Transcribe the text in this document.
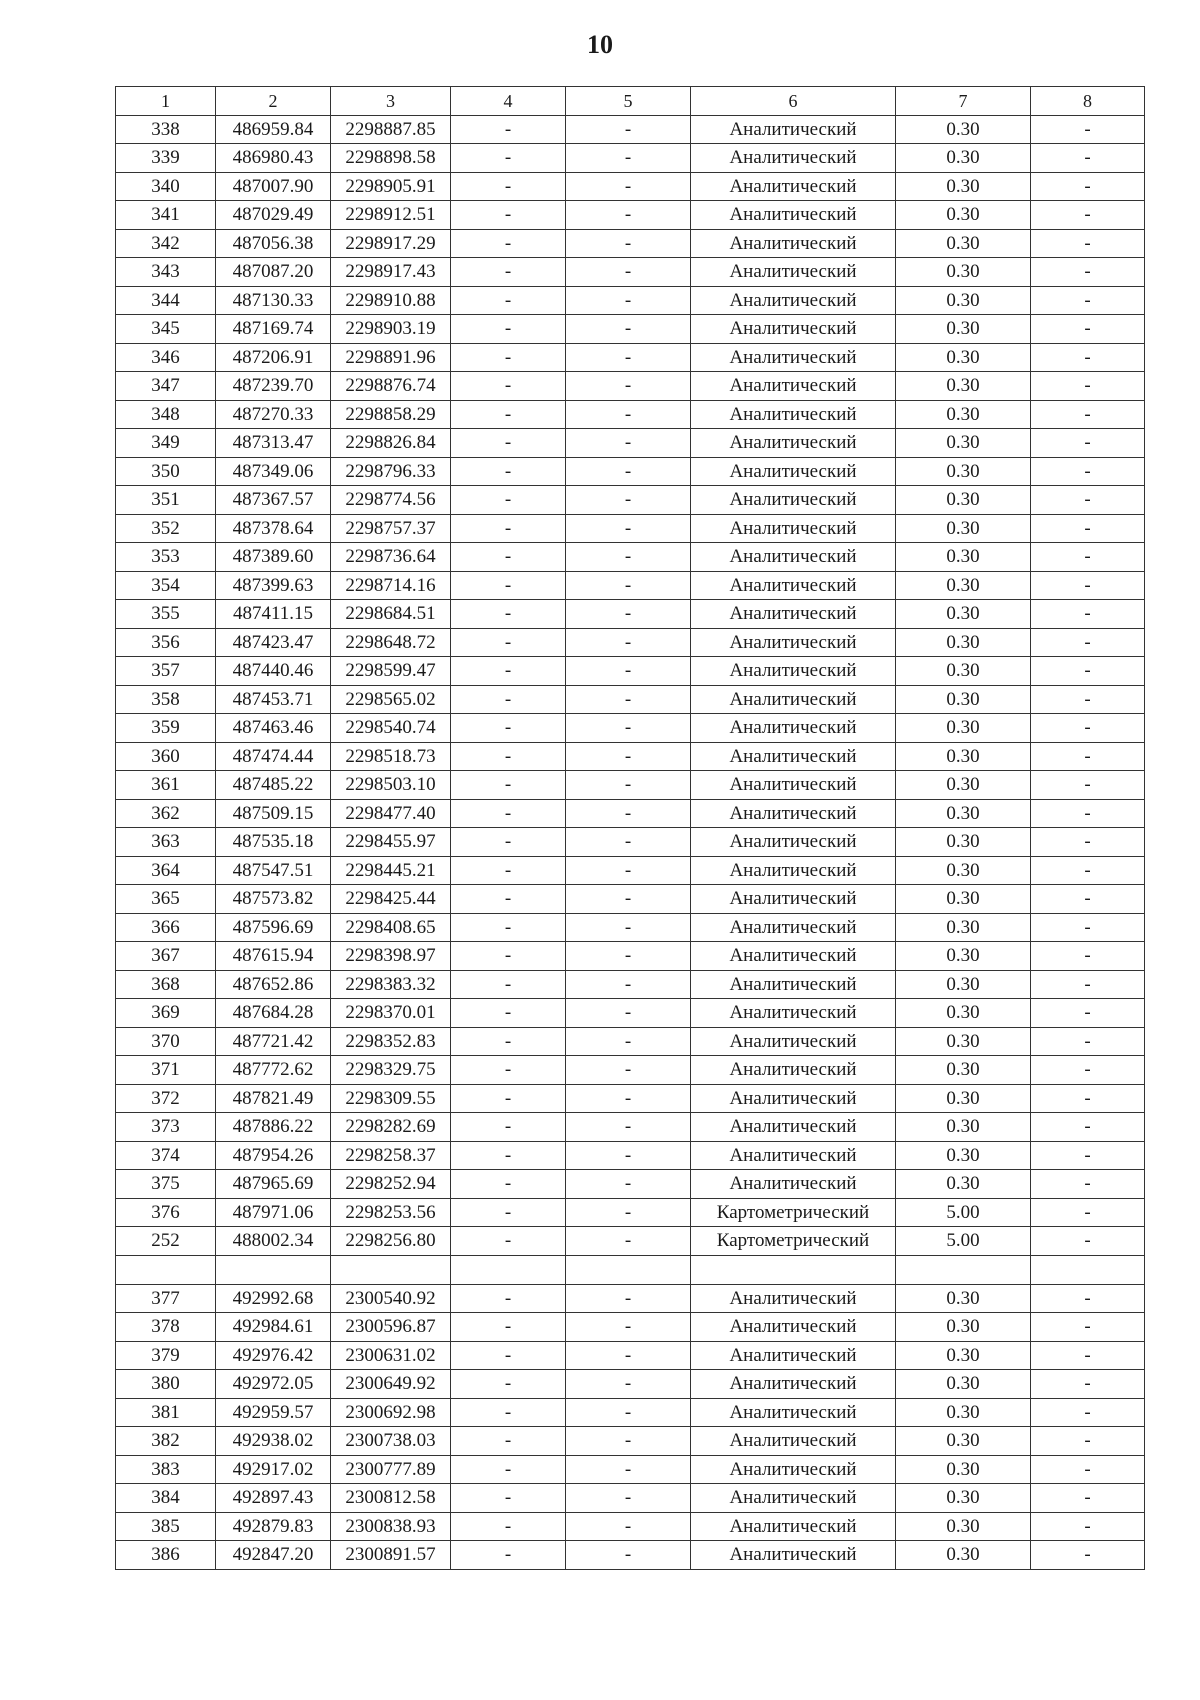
10
1	2	3	4	5	6	7	8
338	486959.84	2298887.85	-	-	Аналитический	0.30	-
339	486980.43	2298898.58	-	-	Аналитический	0.30	-
340	487007.90	2298905.91	-	-	Аналитический	0.30	-
341	487029.49	2298912.51	-	-	Аналитический	0.30	-
342	487056.38	2298917.29	-	-	Аналитический	0.30	-
343	487087.20	2298917.43	-	-	Аналитический	0.30	-
344	487130.33	2298910.88	-	-	Аналитический	0.30	-
345	487169.74	2298903.19	-	-	Аналитический	0.30	-
346	487206.91	2298891.96	-	-	Аналитический	0.30	-
347	487239.70	2298876.74	-	-	Аналитический	0.30	-
348	487270.33	2298858.29	-	-	Аналитический	0.30	-
349	487313.47	2298826.84	-	-	Аналитический	0.30	-
350	487349.06	2298796.33	-	-	Аналитический	0.30	-
351	487367.57	2298774.56	-	-	Аналитический	0.30	-
352	487378.64	2298757.37	-	-	Аналитический	0.30	-
353	487389.60	2298736.64	-	-	Аналитический	0.30	-
354	487399.63	2298714.16	-	-	Аналитический	0.30	-
355	487411.15	2298684.51	-	-	Аналитический	0.30	-
356	487423.47	2298648.72	-	-	Аналитический	0.30	-
357	487440.46	2298599.47	-	-	Аналитический	0.30	-
358	487453.71	2298565.02	-	-	Аналитический	0.30	-
359	487463.46	2298540.74	-	-	Аналитический	0.30	-
360	487474.44	2298518.73	-	-	Аналитический	0.30	-
361	487485.22	2298503.10	-	-	Аналитический	0.30	-
362	487509.15	2298477.40	-	-	Аналитический	0.30	-
363	487535.18	2298455.97	-	-	Аналитический	0.30	-
364	487547.51	2298445.21	-	-	Аналитический	0.30	-
365	487573.82	2298425.44	-	-	Аналитический	0.30	-
366	487596.69	2298408.65	-	-	Аналитический	0.30	-
367	487615.94	2298398.97	-	-	Аналитический	0.30	-
368	487652.86	2298383.32	-	-	Аналитический	0.30	-
369	487684.28	2298370.01	-	-	Аналитический	0.30	-
370	487721.42	2298352.83	-	-	Аналитический	0.30	-
371	487772.62	2298329.75	-	-	Аналитический	0.30	-
372	487821.49	2298309.55	-	-	Аналитический	0.30	-
373	487886.22	2298282.69	-	-	Аналитический	0.30	-
374	487954.26	2298258.37	-	-	Аналитический	0.30	-
375	487965.69	2298252.94	-	-	Аналитический	0.30	-
376	487971.06	2298253.56	-	-	Картометрический	5.00	-
252	488002.34	2298256.80	-	-	Картометрический	5.00	-

377	492992.68	2300540.92	-	-	Аналитический	0.30	-
378	492984.61	2300596.87	-	-	Аналитический	0.30	-
379	492976.42	2300631.02	-	-	Аналитический	0.30	-
380	492972.05	2300649.92	-	-	Аналитический	0.30	-
381	492959.57	2300692.98	-	-	Аналитический	0.30	-
382	492938.02	2300738.03	-	-	Аналитический	0.30	-
383	492917.02	2300777.89	-	-	Аналитический	0.30	-
384	492897.43	2300812.58	-	-	Аналитический	0.30	-
385	492879.83	2300838.93	-	-	Аналитический	0.30	-
386	492847.20	2300891.57	-	-	Аналитический	0.30	-
